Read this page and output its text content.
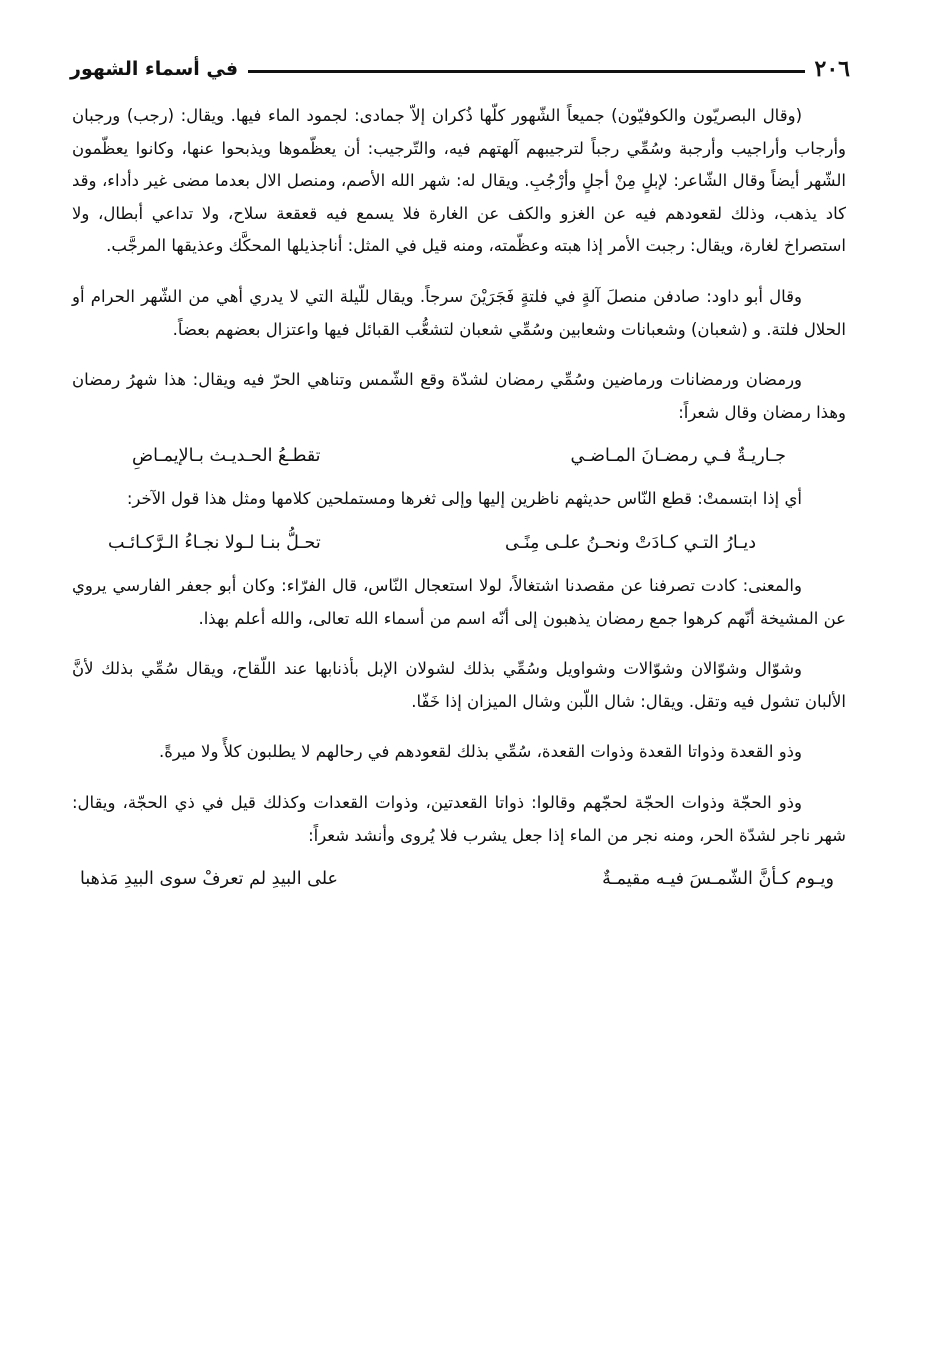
٢٠٦
في أسماء الشهور

(وقال البصريّون والكوفيّون) جميعاً الشّهور كلّها ذُكران إلاّ جمادى: لجمود الماء فيها. ويقال: (رجب) ورجبان وأرجاب وأراجيب وأرجبة وسُمِّي رجباً لترجيبهم آلهتهم فيه، والتّرجيب: أن يعظّموها ويذبحوا عنها، وكانوا يعظّمون الشّهر أيضاً وقال الشّاعر: لإبلٍ مِنْ أجلٍ وأرْجُبِ. ويقال له: شهر الله الأصم، ومنصل الال بعدما مضى غير دأداء، وقد كاد يذهب، وذلك لقعودهم فيه عن الغزو والكف عن الغارة فلا يسمع فيه قعقعة سلاح، ولا تداعي أبطال، ولا استصراخ لغارة، ويقال: رجبت الأمر إذا هبته وعظّمته، ومنه قيل في المثل: أناجذيلها المحكَّك وعذيقها المرجَّب.

وقال أبو داود: صادفن منصلَ آلةٍ في فلتةٍ فَجَرَيْنَ سرجاً. ويقال للّيلة التي لا يدري أهي من الشّهر الحرام أو الحلال فلتة. و (شعبان) وشعبانات وشعابين وسُمِّي شعبان لتشعُّب القبائل فيها واعتزال بعضهم بعضاً.

ورمضان ورمضانات ورماضين وسُمِّي رمضان لشدّة وقع الشّمس وتناهي الحرّ فيه ويقال: هذا شهرُ رمضان وهذا رمضان وقال شعراً:

جـاريـةٌ فـي رمضـانَ المـاضـي
تقطـعُ الحـديـث بـالإيمـاضِ

أي إذا ابتسمتْ: قطع النّاس حديثهم ناظرين إليها وإلى ثغرها ومستملحين كلامها ومثل هذا قول الآخر:

ديـارُ التـي كـادَتْ ونحـنُ علـى مِنًـى
تحـلُّ بنـا لـولا نجـاءُ الـرَّكـائـب

والمعنى: كادت تصرفنا عن مقصدنا اشتغالاً، لولا استعجال النّاس، قال الفرّاء: وكان أبو جعفر الفارسي يروي عن المشيخة أنّهم كرهوا جمع رمضان يذهبون إلى أنّه اسم من أسماء الله تعالى، والله أعلم بهذا.

وشوّال وشوّالان وشوّالات وشواويل وسُمِّي بذلك لشولان الإبل بأذنابها عند اللّقاح، ويقال سُمِّي بذلك لأنَّ الألبان تشول فيه وتقل. ويقال: شال اللّبن وشال الميزان إذا خَفّا.

وذو القعدة وذواتا القعدة وذوات القعدة، سُمِّي بذلك لقعودهم في رحالهم لا يطلبون كلأً ولا ميرةً.

وذو الحجّة وذوات الحجّة لحجّهم وقالوا: ذواتا القعدتين، وذوات القعدات وكذلك قيل في ذي الحجّة، ويقال: شهر ناجر لشدّة الحر، ومنه نجر من الماء إذا جعل يشرب فلا يُروى وأنشد شعراً:

ويـوم كـأنَّ الشّمـسَ فيـه مقيمـةٌ
على البيدِ لم تعرفْ سوى البيدِ مَذهبا
